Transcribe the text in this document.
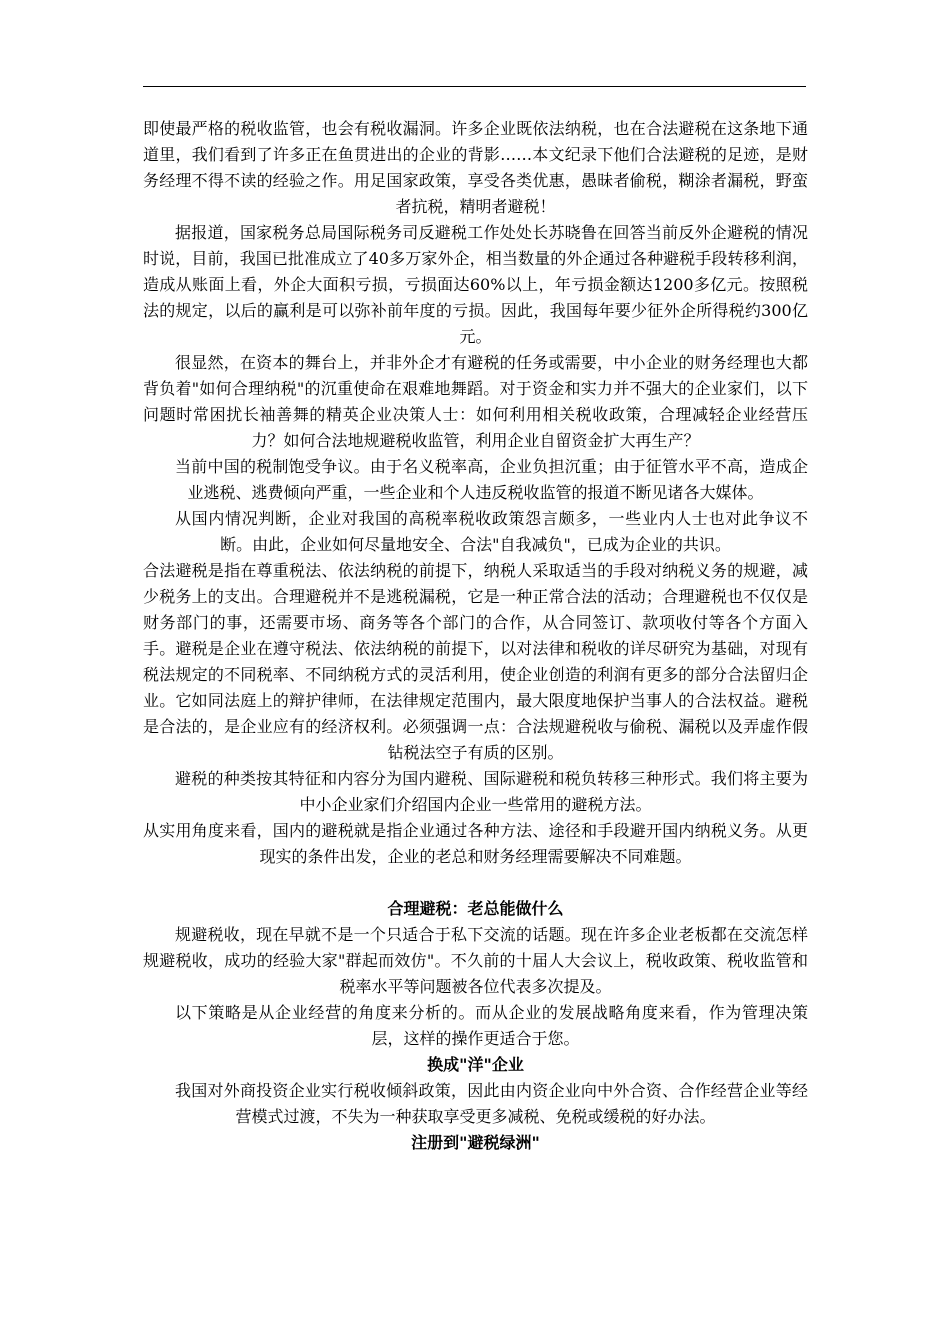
即使最严格的税收监管，也会有税收漏洞。许多企业既依法纳税，也在合法避税在这条地下通道里，我们看到了许多正在鱼贯进出的企业的背影……本文纪录下他们合法避税的足迹，是财务经理不得不读的经验之作。用足国家政策，享受各类优惠，愚昧者偷税，糊涂者漏税，野蛮者抗税，精明者避税！

据报道，国家税务总局国际税务司反避税工作处处长苏晓鲁在回答当前反外企避税的情况时说，目前，我国已批准成立了40多万家外企，相当数量的外企通过各种避税手段转移利润，造成从账面上看，外企大面积亏损，亏损面达60%以上，年亏损金额达1200多亿元。按照税法的规定，以后的赢利是可以弥补前年度的亏损。因此，我国每年要少征外企所得税约300亿元。

很显然，在资本的舞台上，并非外企才有避税的任务或需要，中小企业的财务经理也大都背负着"如何合理纳税"的沉重使命在艰难地舞蹈。对于资金和实力并不强大的企业家们，以下问题时常困扰长袖善舞的精英企业决策人士：如何利用相关税收政策，合理减轻企业经营压力？如何合法地规避税收监管，利用企业自留资金扩大再生产？

当前中国的税制饱受争议。由于名义税率高，企业负担沉重；由于征管水平不高，造成企业逃税、逃费倾向严重，一些企业和个人违反税收监管的报道不断见诸各大媒体。

从国内情况判断，企业对我国的高税率税收政策怨言颇多，一些业内人士也对此争议不断。由此，企业如何尽量地安全、合法"自我减负"，已成为企业的共识。

合法避税是指在尊重税法、依法纳税的前提下，纳税人采取适当的手段对纳税义务的规避，减少税务上的支出。合理避税并不是逃税漏税，它是一种正常合法的活动；合理避税也不仅仅是财务部门的事，还需要市场、商务等各个部门的合作，从合同签订、款项收付等各个方面入手。避税是企业在遵守税法、依法纳税的前提下，以对法律和税收的详尽研究为基础，对现有税法规定的不同税率、不同纳税方式的灵活利用，使企业创造的利润有更多的部分合法留归企业。它如同法庭上的辩护律师，在法律规定范围内，最大限度地保护当事人的合法权益。避税是合法的，是企业应有的经济权利。必须强调一点：合法规避税收与偷税、漏税以及弄虚作假钻税法空子有质的区别。

避税的种类按其特征和内容分为国内避税、国际避税和税负转移三种形式。我们将主要为中小企业家们介绍国内企业一些常用的避税方法。

从实用角度来看，国内的避税就是指企业通过各种方法、途径和手段避开国内纳税义务。从更现实的条件出发，企业的老总和财务经理需要解决不同难题。

合理避税：老总能做什么

规避税收，现在早就不是一个只适合于私下交流的话题。现在许多企业老板都在交流怎样规避税收，成功的经验大家"群起而效仿"。不久前的十届人大会议上，税收政策、税收监管和税率水平等问题被各位代表多次提及。

以下策略是从企业经营的角度来分析的。而从企业的发展战略角度来看，作为管理决策层，这样的操作更适合于您。

换成"洋"企业

我国对外商投资企业实行税收倾斜政策，因此由内资企业向中外合资、合作经营企业等经营模式过渡，不失为一种获取享受更多减税、免税或缓税的好办法。

注册到"避税绿洲"
